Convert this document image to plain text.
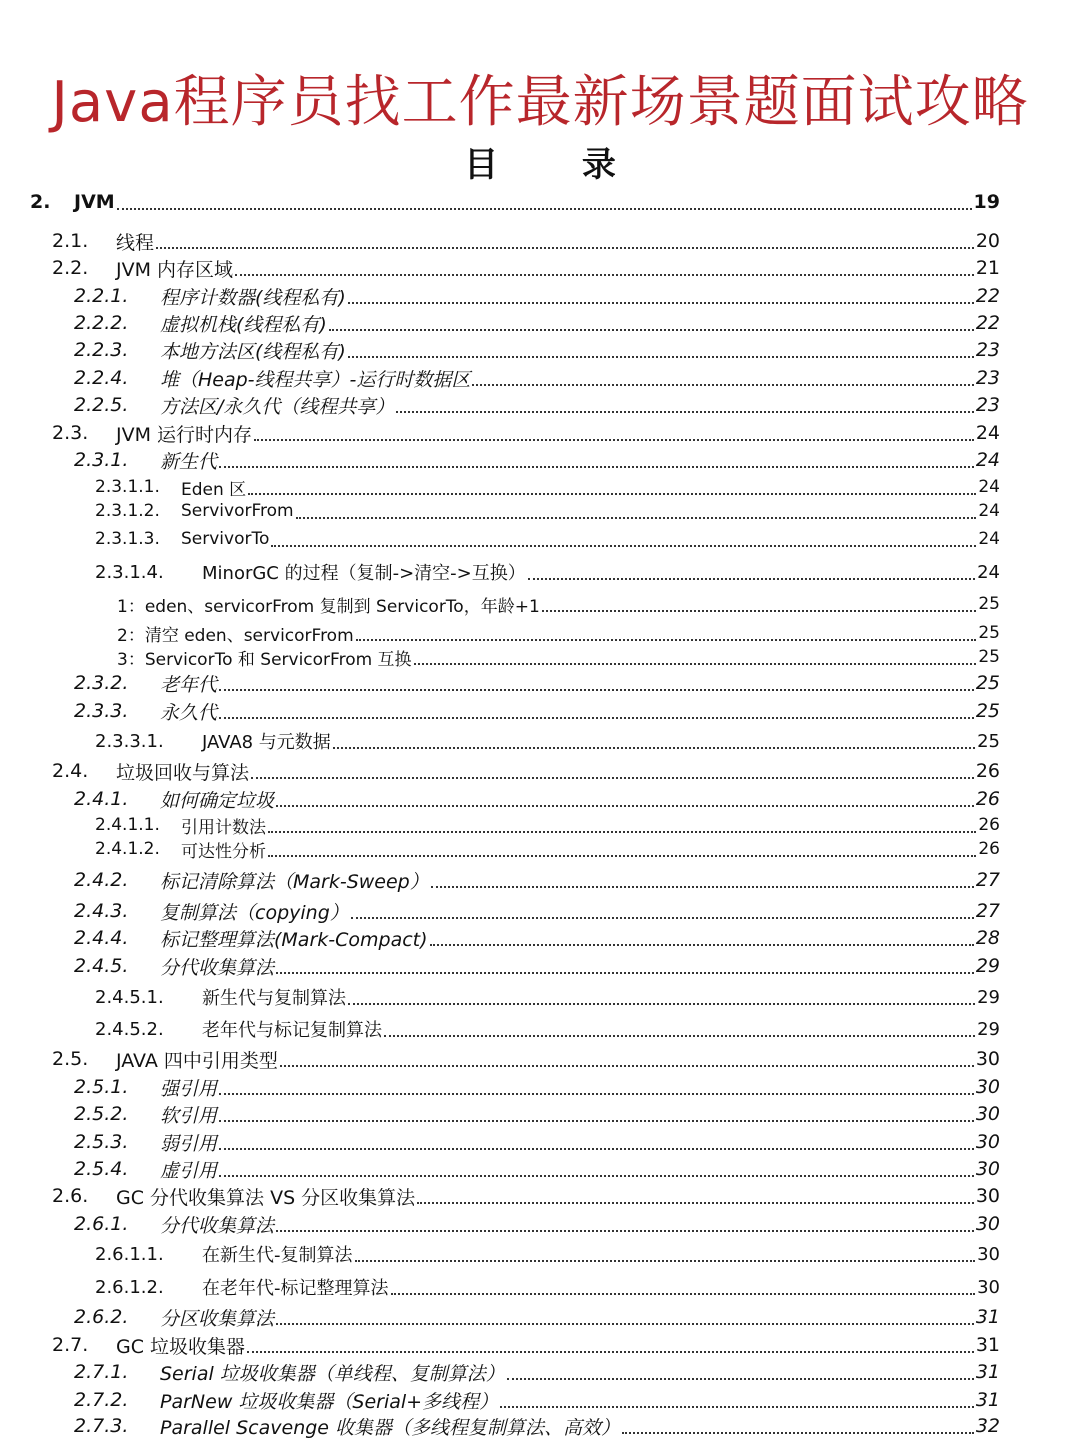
Java程序员找工作最新场景题面试攻略
目 录
2.	JVM	19
2.1.	线程	20
2.2.	JVM 内存区域	21
2.2.1.	程序计数器(线程私有)	22
2.2.2.	虚拟机栈(线程私有)	22
2.2.3.	本地方法区(线程私有)	23
2.2.4.	堆（Heap-线程共享）-运行时数据区	23
2.2.5.	方法区/永久代（线程共享）	23
2.3.	JVM 运行时内存	24
2.3.1.	新生代	24
2.3.1.1.	Eden 区	24
2.3.1.2.	ServivorFrom	24
2.3.1.3.	ServivorTo	24
2.3.1.4.	MinorGC 的过程（复制->清空->互换）	24
1：eden、servicorFrom 复制到 ServicorTo，年龄+1	25
2：清空 eden、servicorFrom	25
3：ServicorTo 和 ServicorFrom 互换	25
2.3.2.	老年代	25
2.3.3.	永久代	25
2.3.3.1.	JAVA8 与元数据	25
2.4.	垃圾回收与算法	26
2.4.1.	如何确定垃圾	26
2.4.1.1.	引用计数法	26
2.4.1.2.	可达性分析	26
2.4.2.	标记清除算法（Mark-Sweep）	27
2.4.3.	复制算法（copying）	27
2.4.4.	标记整理算法(Mark-Compact)	28
2.4.5.	分代收集算法	29
2.4.5.1.	新生代与复制算法	29
2.4.5.2.	老年代与标记复制算法	29
2.5.	JAVA 四中引用类型	30
2.5.1.	强引用	30
2.5.2.	软引用	30
2.5.3.	弱引用	30
2.5.4.	虚引用	30
2.6.	GC 分代收集算法 VS 分区收集算法	30
2.6.1.	分代收集算法	30
2.6.1.1.	在新生代-复制算法	30
2.6.1.2.	在老年代-标记整理算法	30
2.6.2.	分区收集算法	31
2.7.	GC 垃圾收集器	31
2.7.1.	Serial 垃圾收集器（单线程、复制算法）	31
2.7.2.	ParNew 垃圾收集器（Serial+多线程）	31
2.7.3.	Parallel Scavenge 收集器（多线程复制算法、高效）	32
